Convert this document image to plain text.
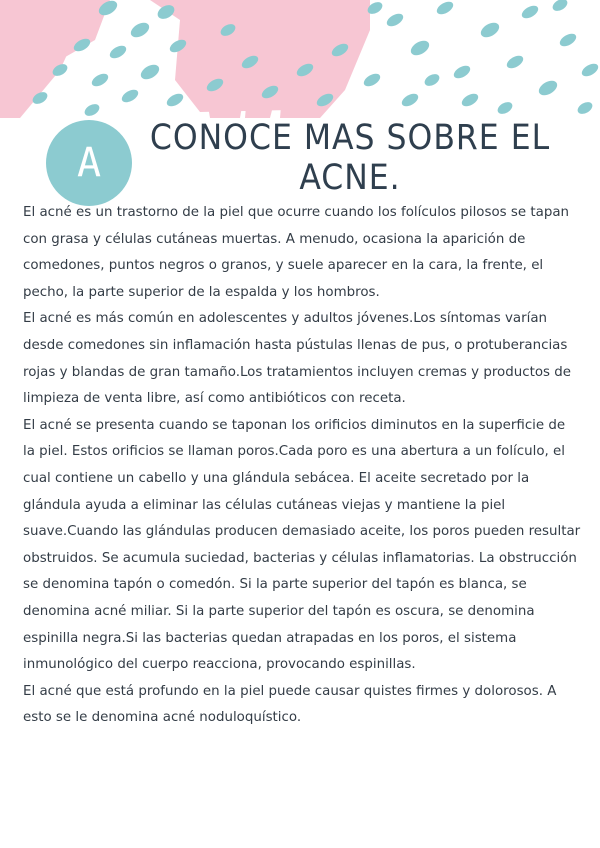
A
CONOCE MAS SOBRE EL ACNE.

El acné es un trastorno de la piel que ocurre cuando los folículos pilosos se tapan con grasa y células cutáneas muertas. A menudo, ocasiona la aparición de comedones, puntos negros o granos, y suele aparecer en la cara, la frente, el pecho, la parte superior de la espalda y los hombros.

El acné es más común en adolescentes y adultos jóvenes.Los síntomas varían desde comedones sin inflamación hasta pústulas llenas de pus, o protuberancias rojas y blandas de gran tamaño.Los tratamientos incluyen cremas y productos de limpieza de venta libre, así como antibióticos con receta.

El acné se presenta cuando se taponan los orificios diminutos en la superficie de la piel. Estos orificios se llaman poros.Cada poro es una abertura a un folículo, el cual contiene un cabello y una glándula sebácea. El aceite secretado por la glándula ayuda a eliminar las células cutáneas viejas y mantiene la piel suave.Cuando las glándulas producen demasiado aceite, los poros pueden resultar obstruidos. Se acumula suciedad, bacterias y células inflamatorias. La obstrucción se denomina tapón o comedón. Si la parte superior del tapón es blanca, se denomina acné miliar. Si la parte superior del tapón es oscura, se denomina espinilla negra.Si las bacterias quedan atrapadas en los poros, el sistema inmunológico del cuerpo reacciona, provocando espinillas.

El acné que está profundo en la piel puede causar quistes firmes y dolorosos. A esto se le denomina acné noduloquístico.
